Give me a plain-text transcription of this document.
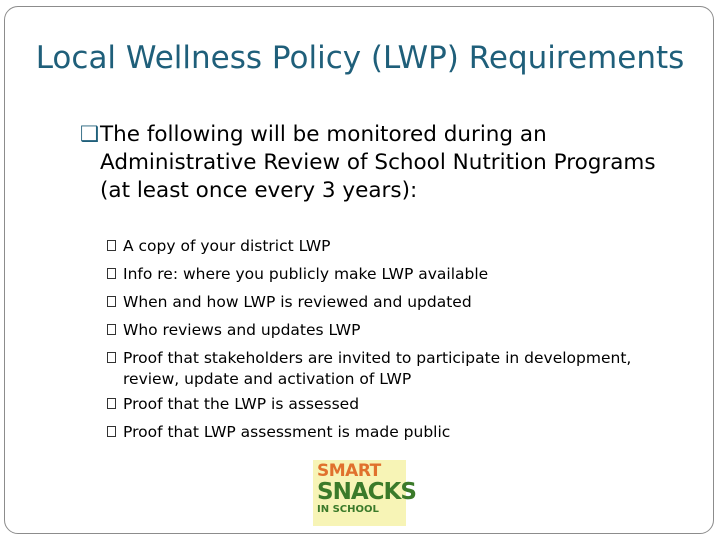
Local Wellness Policy (LWP) Requirements
❑ The following will be monitored during an
Administrative Review of School Nutrition Programs
(at least once every 3 years):
A copy of your district LWP
Info re: where you publicly make LWP available
When and how LWP is reviewed and updated
Who reviews and updates LWP
Proof that stakeholders are invited to participate in development,
review, update and activation of LWP
Proof that the LWP is assessed
Proof that LWP assessment is made public
SMART
SNACKS
IN SCHOOL
